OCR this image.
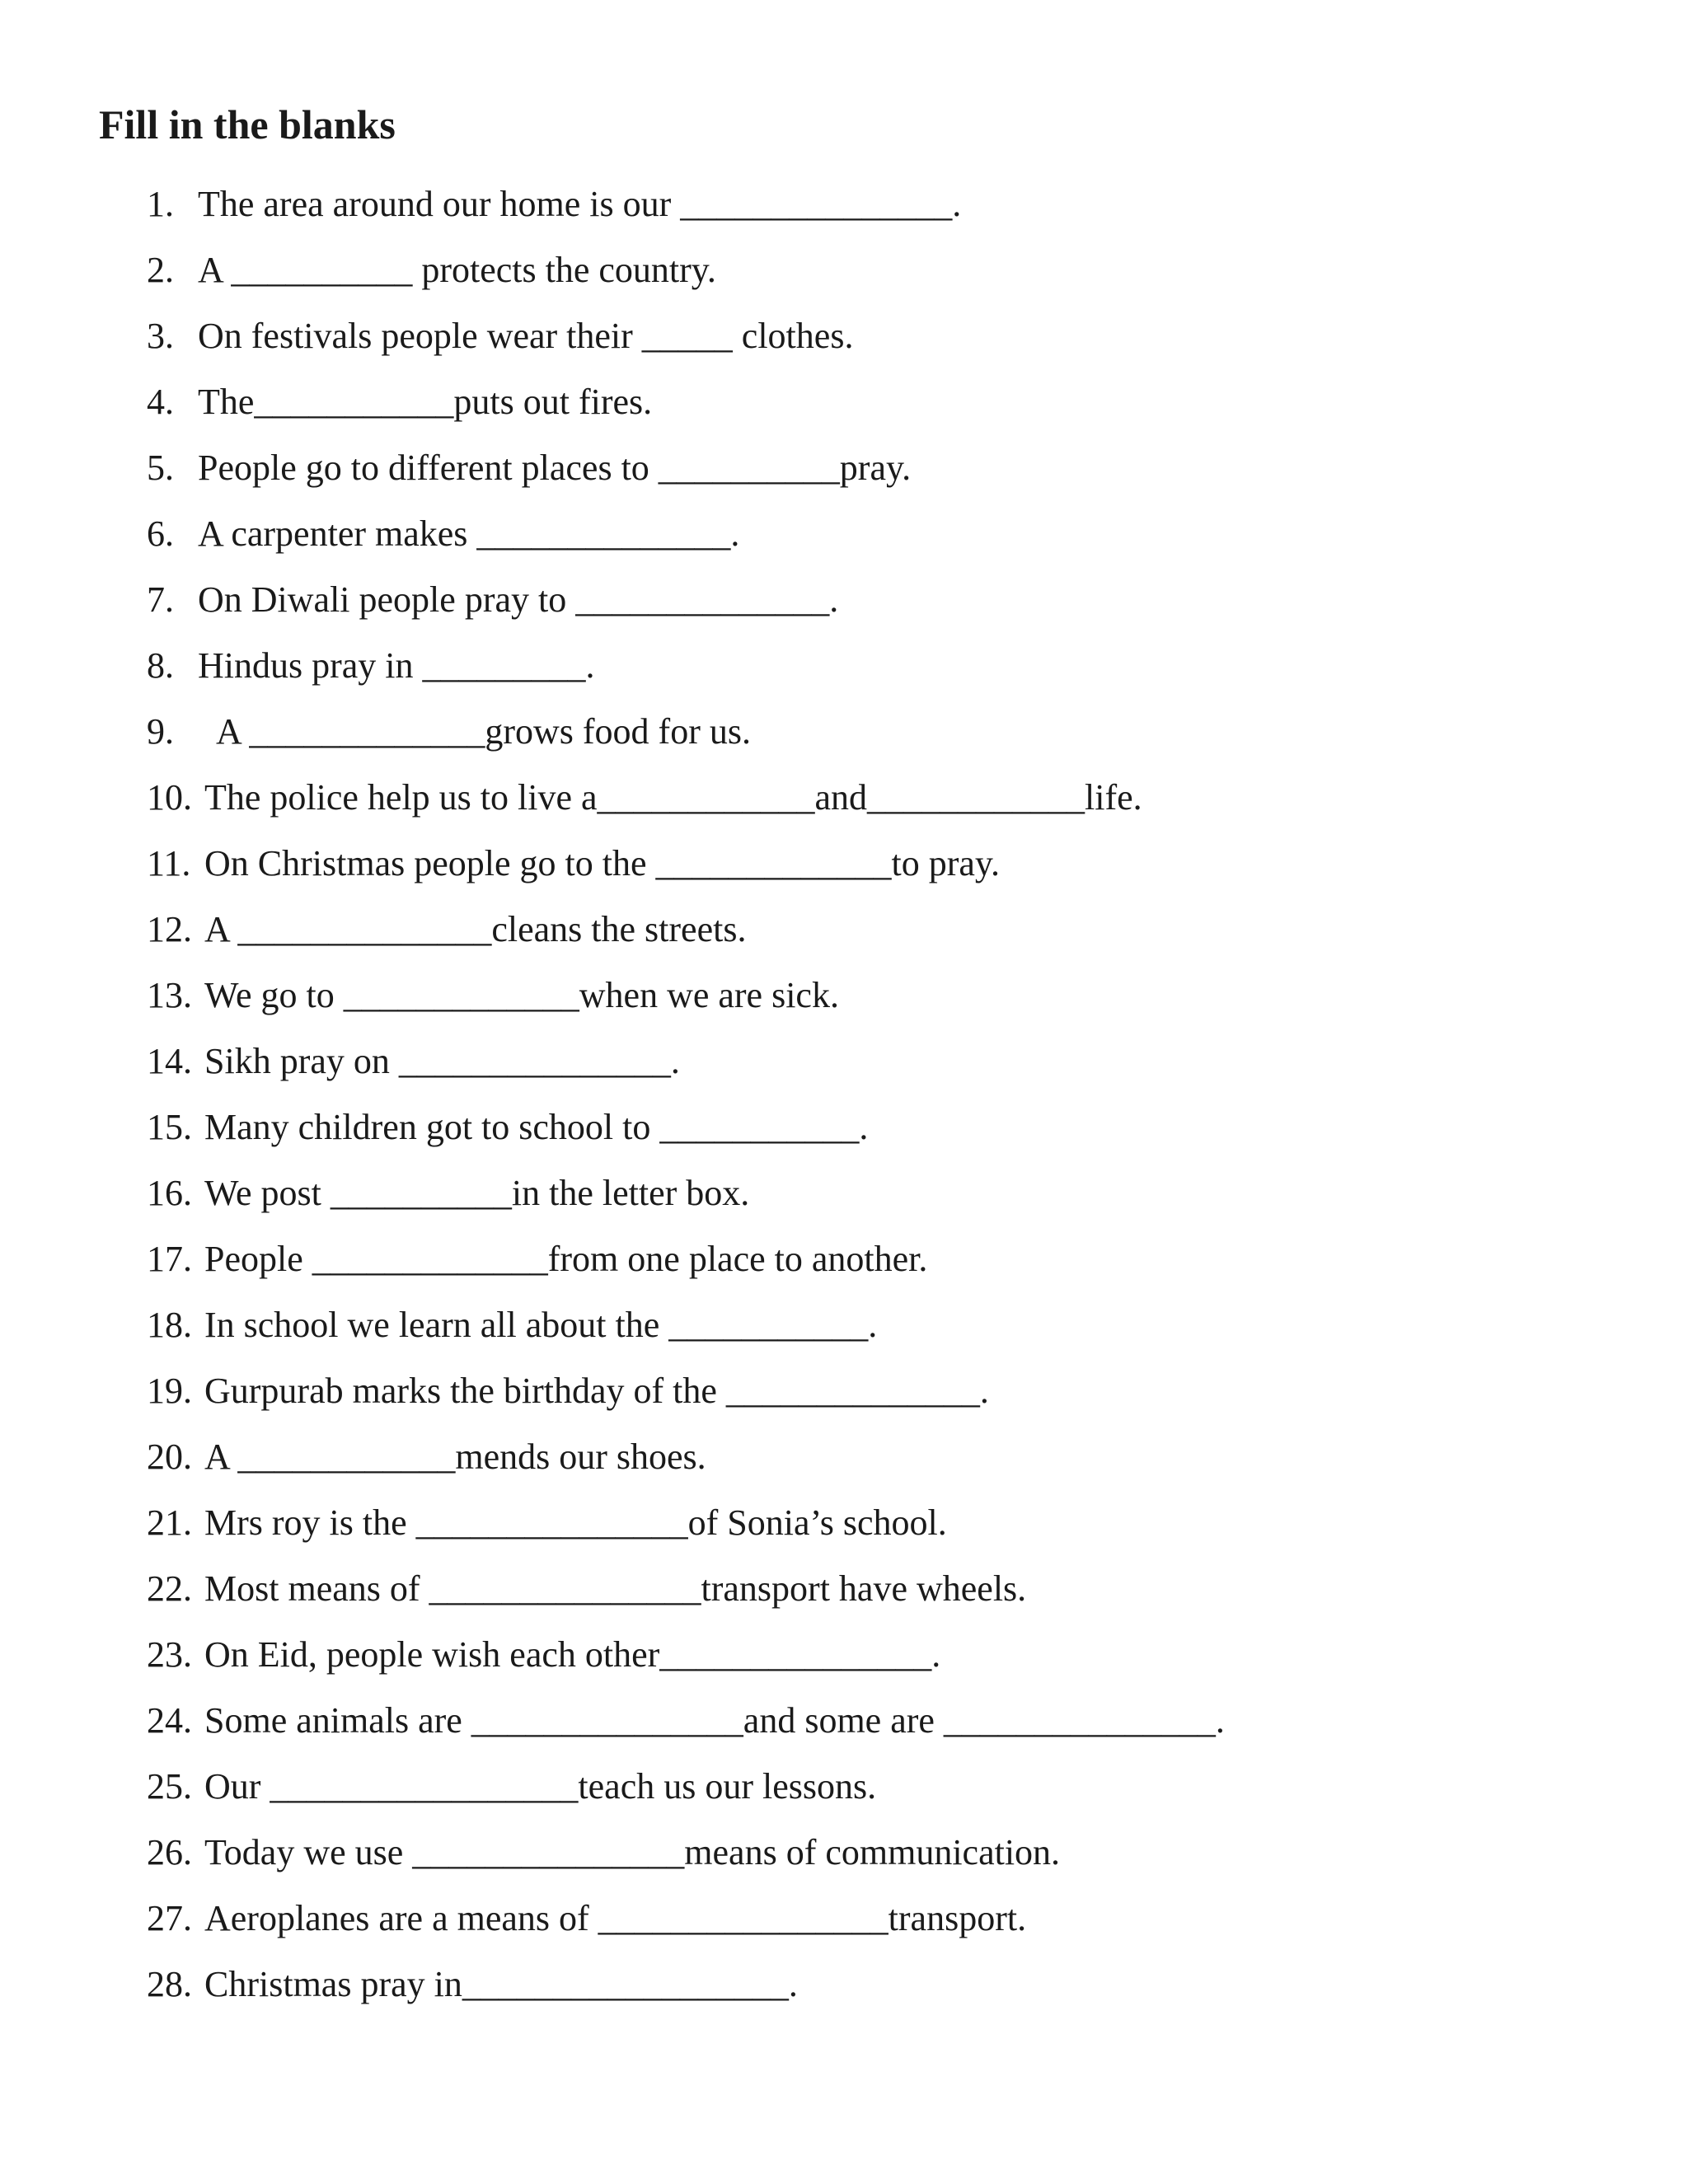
Fill in the blanks
1. The area around our home is our _______________.
2. A __________ protects the country.
3. On festivals people wear their _____ clothes.
4. The___________puts out fires.
5. People go to different places to __________pray.
6. A carpenter makes ______________.
7. On Diwali people pray to ______________.
8. Hindus pray in _________.
9. A _____________grows food for us.
10. The police help us to live a____________and____________life.
11. On Christmas people go to the _____________to pray.
12. A ______________cleans the streets.
13. We go to _____________when we are sick.
14. Sikh pray on _______________.
15. Many children got to school to ___________.
16. We post __________in the letter box.
17. People _____________from one place to another.
18. In school we learn all about the ___________.
19. Gurpurab marks the birthday of the ______________.
20. A ____________mends our shoes.
21. Mrs roy is the _______________of Sonia’s school.
22. Most means of _______________transport have wheels.
23. On Eid, people wish each other_______________.
24. Some animals are _______________and some are _______________.
25. Our _________________teach us our lessons.
26. Today we use _______________means of communication.
27. Aeroplanes are a means of ________________transport.
28. Christmas pray in__________________.
